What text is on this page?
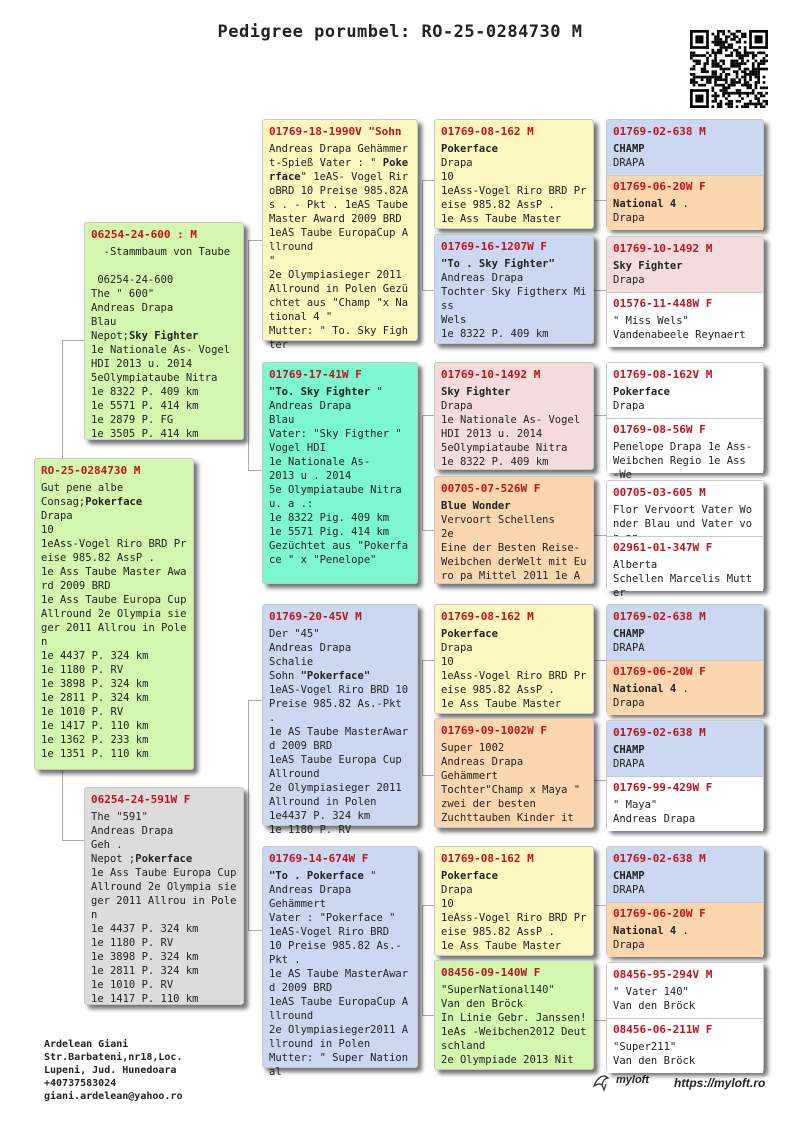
Pedigree porumbel: RO-25-0284730 M
RO-25-0284730 M
Gut pene albe
Consag;Pokerface
Drapa
10
1eAss-Vogel Riro BRD Preise 985.82 AssP .
1e Ass Taube Master Award 2009 BRD
1e Ass Taube Europa Cup Allround 2e Olympia sieger 2011 Allrou in Polen
1e 4437 P. 324 km
1e 1180 P. RV
1e 3898 P. 324 km
1e 2811 P. 324 km
1e 1010 P. RV
1e 1417 P. 110 km
1e 1362 P. 233 km
1e 1351 P. 110 km
06254-24-600 : M
-Stammbaum von Taube

06254-24-600
The " 600"
Andreas Drapa
Blau
Nepot;Sky Fighter
1e Nationale As- Vogel HDI 2013 u. 2014
5eOlympiataube Nitra
1e 8322 P. 409 km
1e 5571 P. 414 km
1e 2879 P. FG
1e 3505 P. 414 km
06254-24-591W F
The "591"
Andreas Drapa
Geh .
Nepot ;Pokerface
1e Ass Taube Europa Cup Allround 2e Olympia sieger 2011 Allrou in Polen
1e 4437 P. 324 km
1e 1180 P. RV
1e 3898 P. 324 km
1e 2811 P. 324 km
1e 1010 P. RV
1e 1417 P. 110 km
01769-18-1990V "Sohn
Andreas Drapa Gehämmert-Spieß Vater : " Pokerface" 1eAS- Vogel RiroBRD 10 Preise 985.82As . - Pkt . 1eAS Taube Master Award 2009 BRD
1eAS Taube EuropaCup Allround
"
2e Olympiasieger 2011 Allround in Polen Gezüchtet aus "Champ "x National 4 "
Mutter: " To. Sky Fighter
01769-17-41W F
"To. Sky Fighter "
Andreas Drapa
Blau
Vater: "Sky Figther " Vogel HDI
1e Nationale As-
2013 u . 2014
5e Olympiataube Nitra u. a .:
1e 8322 Pig. 409 km
1e 5571 Pig. 414 km
Gezüchtet aus "Pokerface " x "Penelope"
01769-20-45V M
Der "45"
Andreas Drapa
Schalie
Sohn "Pokerface"
1eAS-Vogel Riro BRD 10 Preise 985.82 As.-Pkt .
1e AS Taube MasterAward 2009 BRD
1eAS Taube Europa Cup Allround
2e Olympiasieger 2011 Allround in Polen
1e4437 P. 324 km
1e 1180 P. RV
01769-14-674W F
"To . Pokerface "
Andreas Drapa
Gehämmert
Vater : "Pokerface "
1eAS-Vogel Riro BRD
10 Preise 985.82 As.- Pkt .
1e AS Taube MasterAward 2009 BRD
1eAS Taube EuropaCup Allround
2e Olympiasieger2011 Allround in Polen
Mutter: " Super National
01769-08-162 M
Pokerface
Drapa
10
1eAss-Vogel Riro BRD Preise 985.82 AssP .
1e Ass Taube Master
01769-16-1207W F
"To . Sky Fighter"
Andreas Drapa
Tochter Sky Figtherx Miss
Wels
1e 8322 P. 409 km
01769-10-1492 M
Sky Fighter
Drapa
1e Nationale As- Vogel HDI 2013 u. 2014
5eOlympiataube Nitra
1e 8322 P. 409 km
00705-07-526W F
Blue Wonder
Vervoort Schellens
2e
Eine der Besten Reise- Weibchen derWelt mit Euro pa Mittel 2011 1e A
01769-08-162 M
Pokerface
Drapa
10
1eAss-Vogel Riro BRD Preise 985.82 AssP .
1e Ass Taube Master
01769-09-1002W F
Super 1002
Andreas Drapa
Gehämmert
Tochter"Champ x Maya "
zwei der besten
Zuchttauben Kinder it
01769-08-162 M
Pokerface
Drapa
10
1eAss-Vogel Riro BRD Preise 985.82 AssP .
1e Ass Taube Master
08456-09-140W F
"SuperNational140"
Van den Bröck
In Linie Gebr. Janssen!
1eAs -Weibchen2012 Deutschland
2e Olympiade 2013 Nit
01769-02-638 M
CHAMP
DRAPA
01769-06-20W F
National 4 .
Drapa
01769-10-1492 M
Sky Fighter
Drapa
01576-11-448W F
" Miss Wels"
Vandenabeele Reynaert
01769-08-162V M
Pokerface
Drapa
01769-08-56W F
Penelope Drapa 1e Ass- Weibchen Regio 1e Ass -We
00705-03-605 M
Flor Vervoort Vater Wonder Blau und Vater vo
02961-01-347W F
Alberta
Schellen Marcelis Mutter
01769-02-638 M
CHAMP
DRAPA
01769-06-20W F
National 4 .
Drapa
01769-02-638 M
CHAMP
DRAPA
01769-99-429W F
" Maya"
Andreas Drapa
01769-02-638 M
CHAMP
DRAPA
01769-06-20W F
National 4 .
Drapa
08456-95-294V M
" Vater 140"
Van den Bröck
08456-06-211W F
"Super211"
Van den Bröck
Ardelean Giani
Str.Barbateni,nr18,Loc.
Lupeni, Jud. Hunedoara
+40737583024
giani.ardelean@yahoo.ro
myloft https://myloft.ro
